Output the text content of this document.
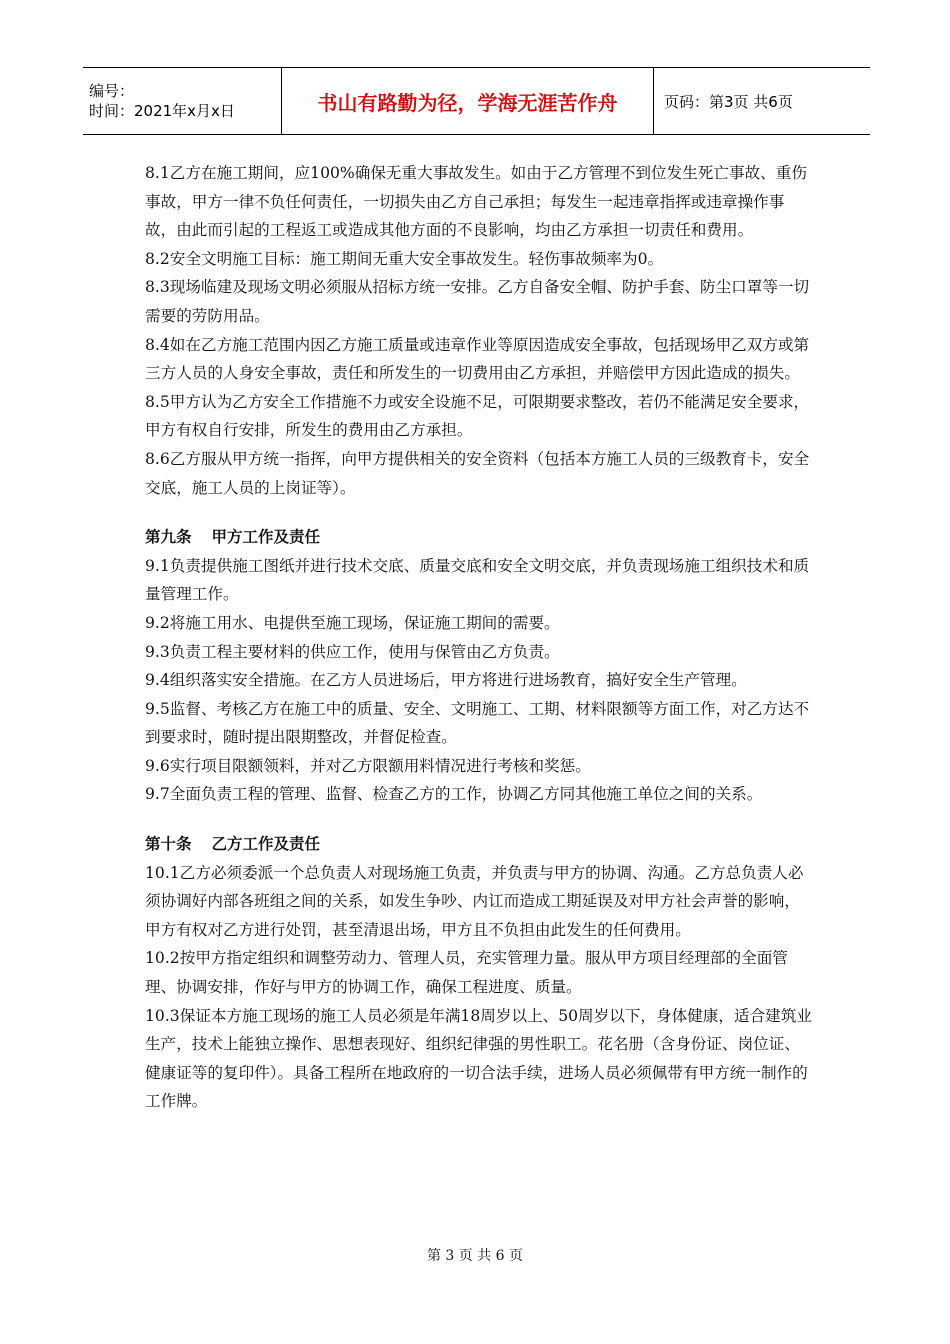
编号：
时间：2021年x月x日	书山有路勤为径，学海无涯苦作舟	页码：第3页 共6页

8.1乙方在施工期间，应100%确保无重大事故发生。如由于乙方管理不到位发生死亡事故、重伤事故，甲方一律不负任何责任，一切损失由乙方自己承担；每发生一起违章指挥或违章操作事故，由此而引起的工程返工或造成其他方面的不良影响，均由乙方承担一切责任和费用。

8.2安全文明施工目标：施工期间无重大安全事故发生。轻伤事故频率为0。

8.3现场临建及现场文明必须服从招标方统一安排。乙方自备安全帽、防护手套、防尘口罩等一切需要的劳防用品。

8.4如在乙方施工范围内因乙方施工质量或违章作业等原因造成安全事故，包括现场甲乙双方或第三方人员的人身安全事故，责任和所发生的一切费用由乙方承担，并赔偿甲方因此造成的损失。

8.5甲方认为乙方安全工作措施不力或安全设施不足，可限期要求整改，若仍不能满足安全要求，甲方有权自行安排，所发生的费用由乙方承担。

8.6乙方服从甲方统一指挥，向甲方提供相关的安全资料（包括本方施工人员的三级教育卡，安全交底，施工人员的上岗证等）。

第九条 甲方工作及责任

9.1负责提供施工图纸并进行技术交底、质量交底和安全文明交底，并负责现场施工组织技术和质量管理工作。

9.2将施工用水、电提供至施工现场，保证施工期间的需要。

9.3负责工程主要材料的供应工作，使用与保管由乙方负责。

9.4组织落实安全措施。在乙方人员进场后，甲方将进行进场教育，搞好安全生产管理。

9.5监督、考核乙方在施工中的质量、安全、文明施工、工期、材料限额等方面工作，对乙方达不到要求时，随时提出限期整改，并督促检查。

9.6实行项目限额领料，并对乙方限额用料情况进行考核和奖惩。

9.7全面负责工程的管理、监督、检查乙方的工作，协调乙方同其他施工单位之间的关系。

第十条 乙方工作及责任

10.1乙方必须委派一个总负责人对现场施工负责，并负责与甲方的协调、沟通。乙方总负责人必须协调好内部各班组之间的关系，如发生争吵、内讧而造成工期延误及对甲方社会声誉的影响，甲方有权对乙方进行处罚，甚至清退出场，甲方且不负担由此发生的任何费用。

10.2按甲方指定组织和调整劳动力、管理人员，充实管理力量。服从甲方项目经理部的全面管理、协调安排，作好与甲方的协调工作，确保工程进度、质量。

10.3保证本方施工现场的施工人员必须是年满18周岁以上、50周岁以下，身体健康，适合建筑业生产，技术上能独立操作、思想表现好、组织纪律强的男性职工。花名册（含身份证、岗位证、健康证等的复印件）。具备工程所在地政府的一切合法手续，进场人员必须佩带有甲方统一制作的工作牌。

第 3 页 共 6 页
